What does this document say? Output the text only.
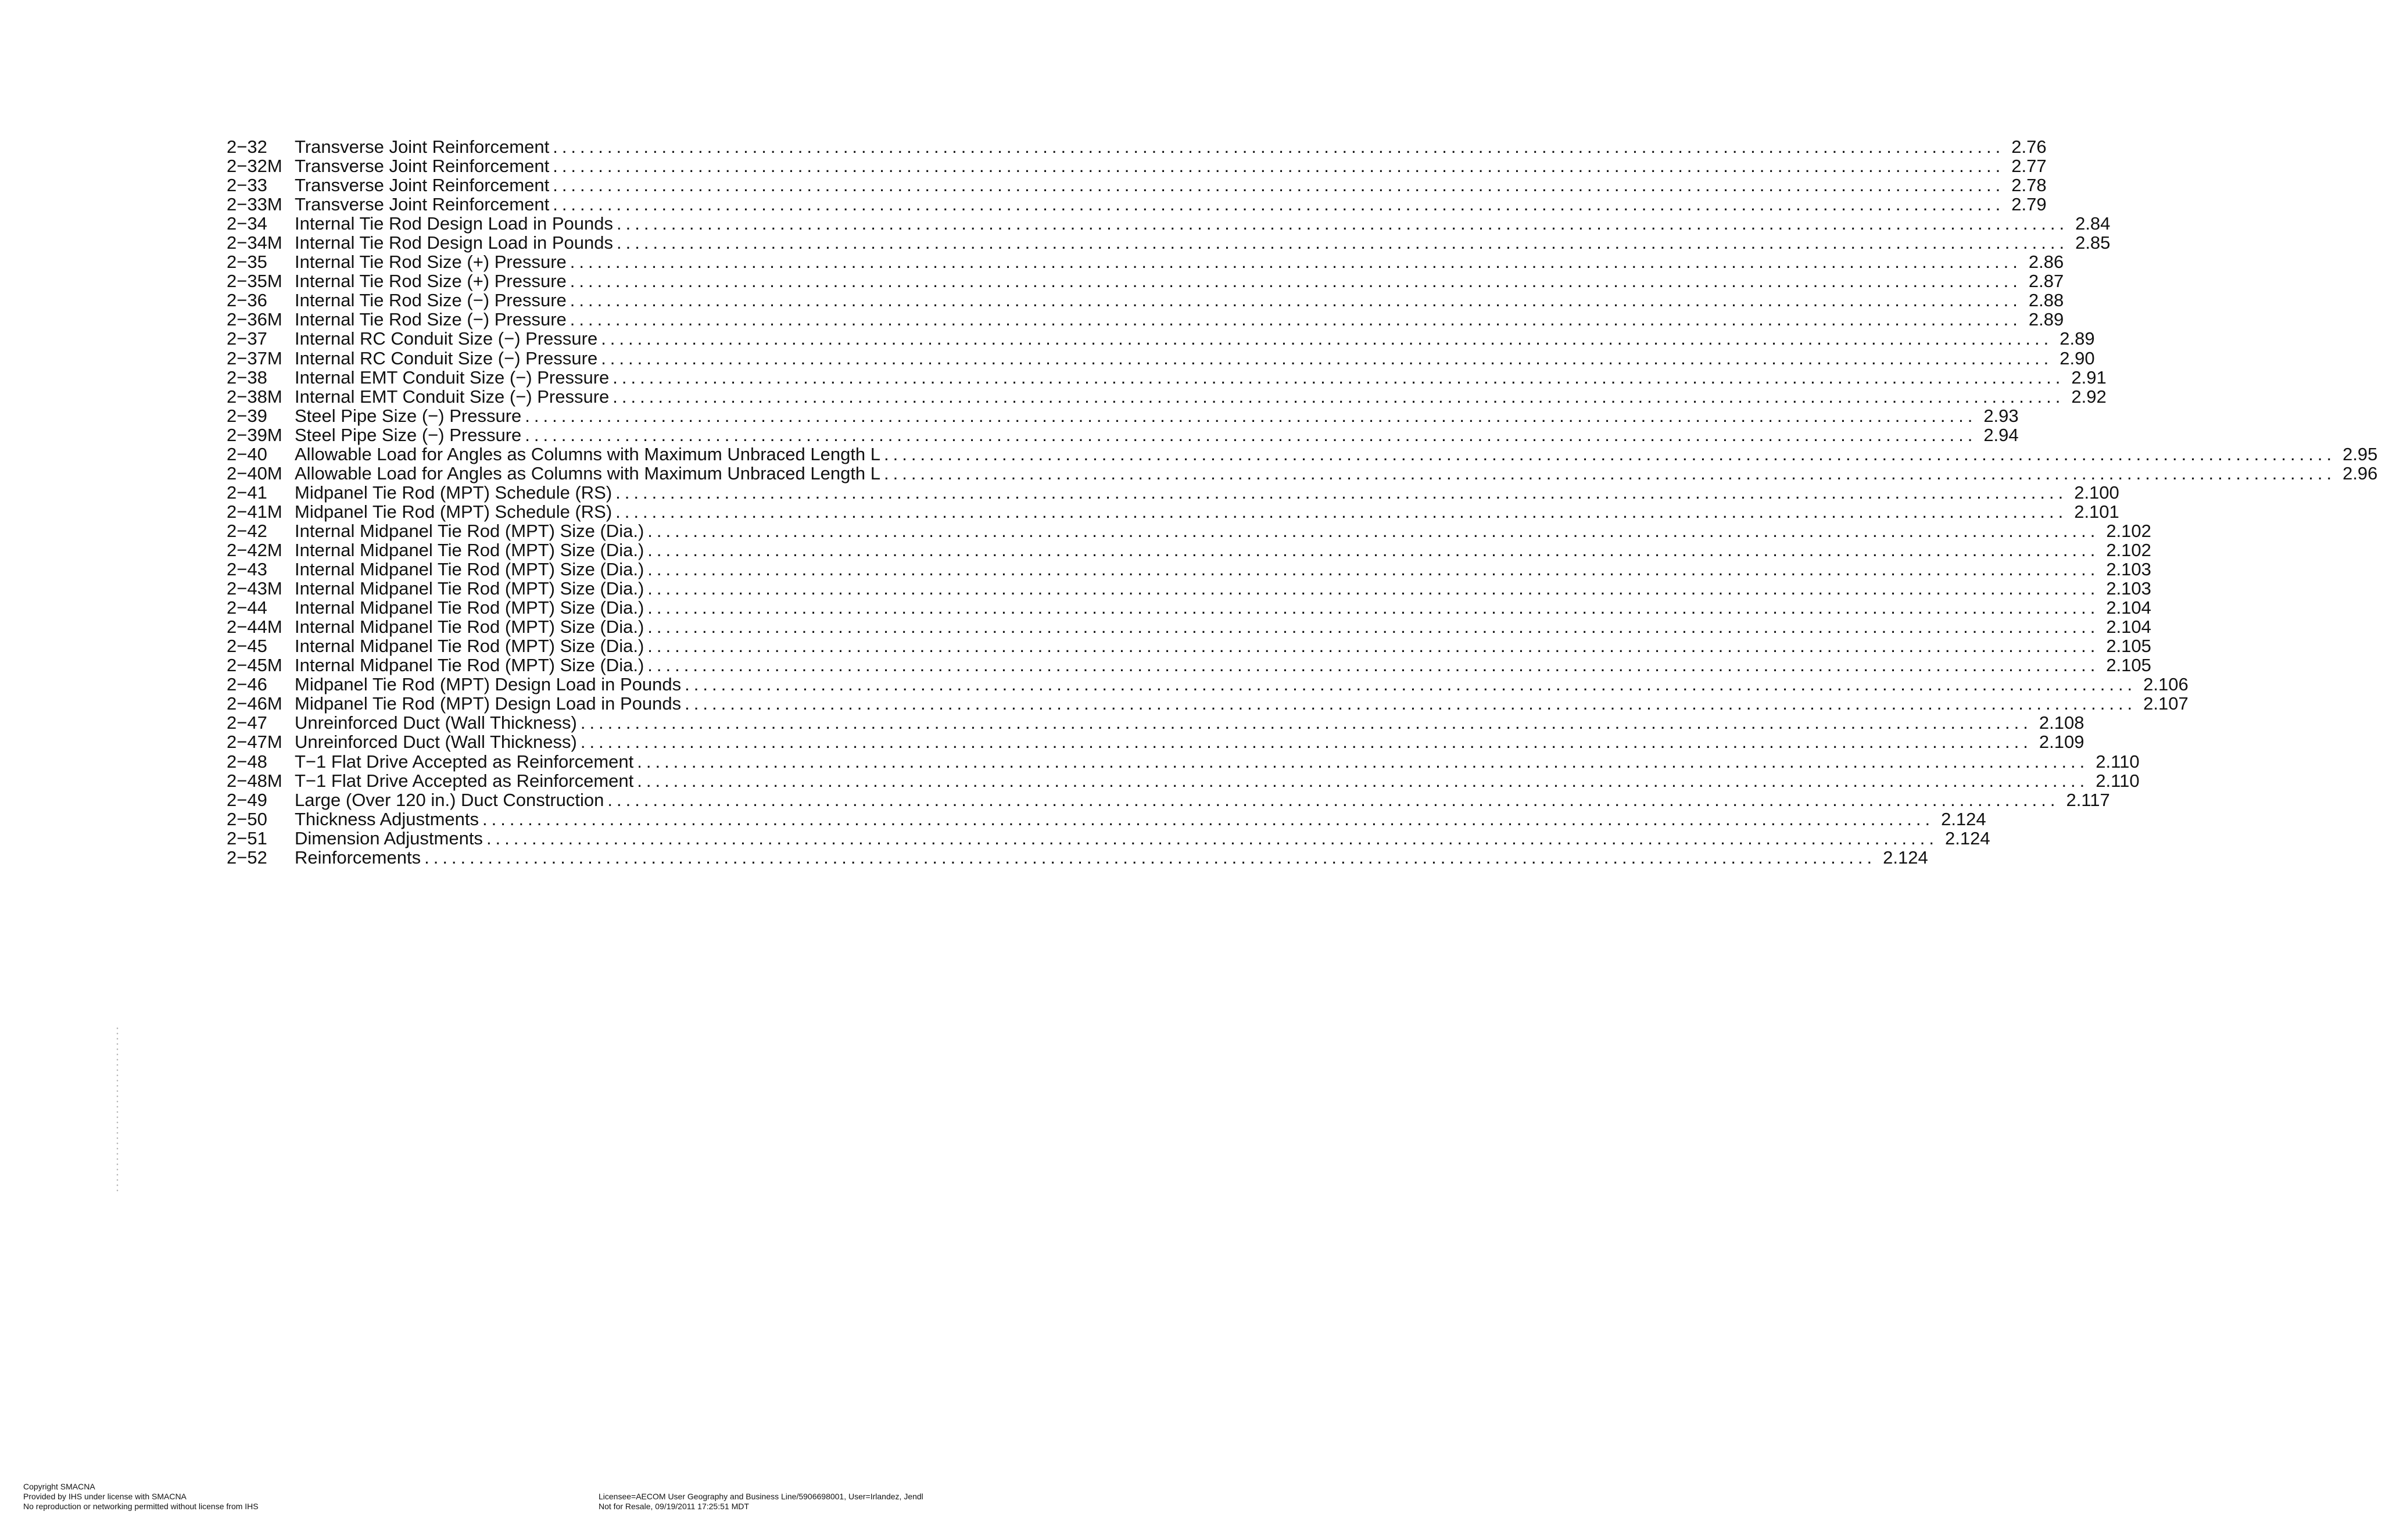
2−32 Transverse Joint Reinforcement ................................................................................................................................................................ 2.76
2−32M Transverse Joint Reinforcement ................................................................................................................................................................ 2.77
2−33 Transverse Joint Reinforcement ................................................................................................................................................................ 2.78
2−33M Transverse Joint Reinforcement ................................................................................................................................................................ 2.79
2−34 Internal Tie Rod Design Load in Pounds ................................................................................................................................................................ 2.84
2−34M Internal Tie Rod Design Load in Pounds ................................................................................................................................................................ 2.85
2−35 Internal Tie Rod Size (+) Pressure ................................................................................................................................................................ 2.86
2−35M Internal Tie Rod Size (+) Pressure ................................................................................................................................................................ 2.87
2−36 Internal Tie Rod Size (−) Pressure ................................................................................................................................................................ 2.88
2−36M Internal Tie Rod Size (−) Pressure ................................................................................................................................................................ 2.89
2−37 Internal RC Conduit Size (−) Pressure ................................................................................................................................................................ 2.89
2−37M Internal RC Conduit Size (−) Pressure ................................................................................................................................................................ 2.90
2−38 Internal EMT Conduit Size (−) Pressure ................................................................................................................................................................ 2.91
2−38M Internal EMT Conduit Size (−) Pressure ................................................................................................................................................................ 2.92
2−39 Steel Pipe Size (−) Pressure ................................................................................................................................................................ 2.93
2−39M Steel Pipe Size (−) Pressure ................................................................................................................................................................ 2.94
2−40 Allowable Load for Angles as Columns with Maximum Unbraced Length L ................................................................................................................................................................ 2.95
2−40M Allowable Load for Angles as Columns with Maximum Unbraced Length L ................................................................................................................................................................ 2.96
2−41 Midpanel Tie Rod (MPT) Schedule (RS) ................................................................................................................................................................ 2.100
2−41M Midpanel Tie Rod (MPT) Schedule (RS) ................................................................................................................................................................ 2.101
2−42 Internal Midpanel Tie Rod (MPT) Size (Dia.) ................................................................................................................................................................ 2.102
2−42M Internal Midpanel Tie Rod (MPT) Size (Dia.) ................................................................................................................................................................ 2.102
2−43 Internal Midpanel Tie Rod (MPT) Size (Dia.) ................................................................................................................................................................ 2.103
2−43M Internal Midpanel Tie Rod (MPT) Size (Dia.) ................................................................................................................................................................ 2.103
2−44 Internal Midpanel Tie Rod (MPT) Size (Dia.) ................................................................................................................................................................ 2.104
2−44M Internal Midpanel Tie Rod (MPT) Size (Dia.) ................................................................................................................................................................ 2.104
2−45 Internal Midpanel Tie Rod (MPT) Size (Dia.) ................................................................................................................................................................ 2.105
2−45M Internal Midpanel Tie Rod (MPT) Size (Dia.) ................................................................................................................................................................ 2.105
2−46 Midpanel Tie Rod (MPT) Design Load in Pounds ................................................................................................................................................................ 2.106
2−46M Midpanel Tie Rod (MPT) Design Load in Pounds ................................................................................................................................................................ 2.107
2−47 Unreinforced Duct (Wall Thickness) ................................................................................................................................................................ 2.108
2−47M Unreinforced Duct (Wall Thickness) ................................................................................................................................................................ 2.109
2−48 T−1 Flat Drive Accepted as Reinforcement ................................................................................................................................................................ 2.110
2−48M T−1 Flat Drive Accepted as Reinforcement ................................................................................................................................................................ 2.110
2−49 Large (Over 120 in.) Duct Construction ................................................................................................................................................................ 2.117
2−50 Thickness Adjustments ................................................................................................................................................................ 2.124
2−51 Dimension Adjustments ................................................................................................................................................................ 2.124
2−52 Reinforcements ................................................................................................................................................................ 2.124
Copyright SMACNA
Provided by IHS under license with SMACNA
No reproduction or networking permitted without license from IHS
Licensee=AECOM User Geography and Business Line/5906698001, User=Irlandez, Jendl
Not for Resale, 09/19/2011 17:25:51 MDT
